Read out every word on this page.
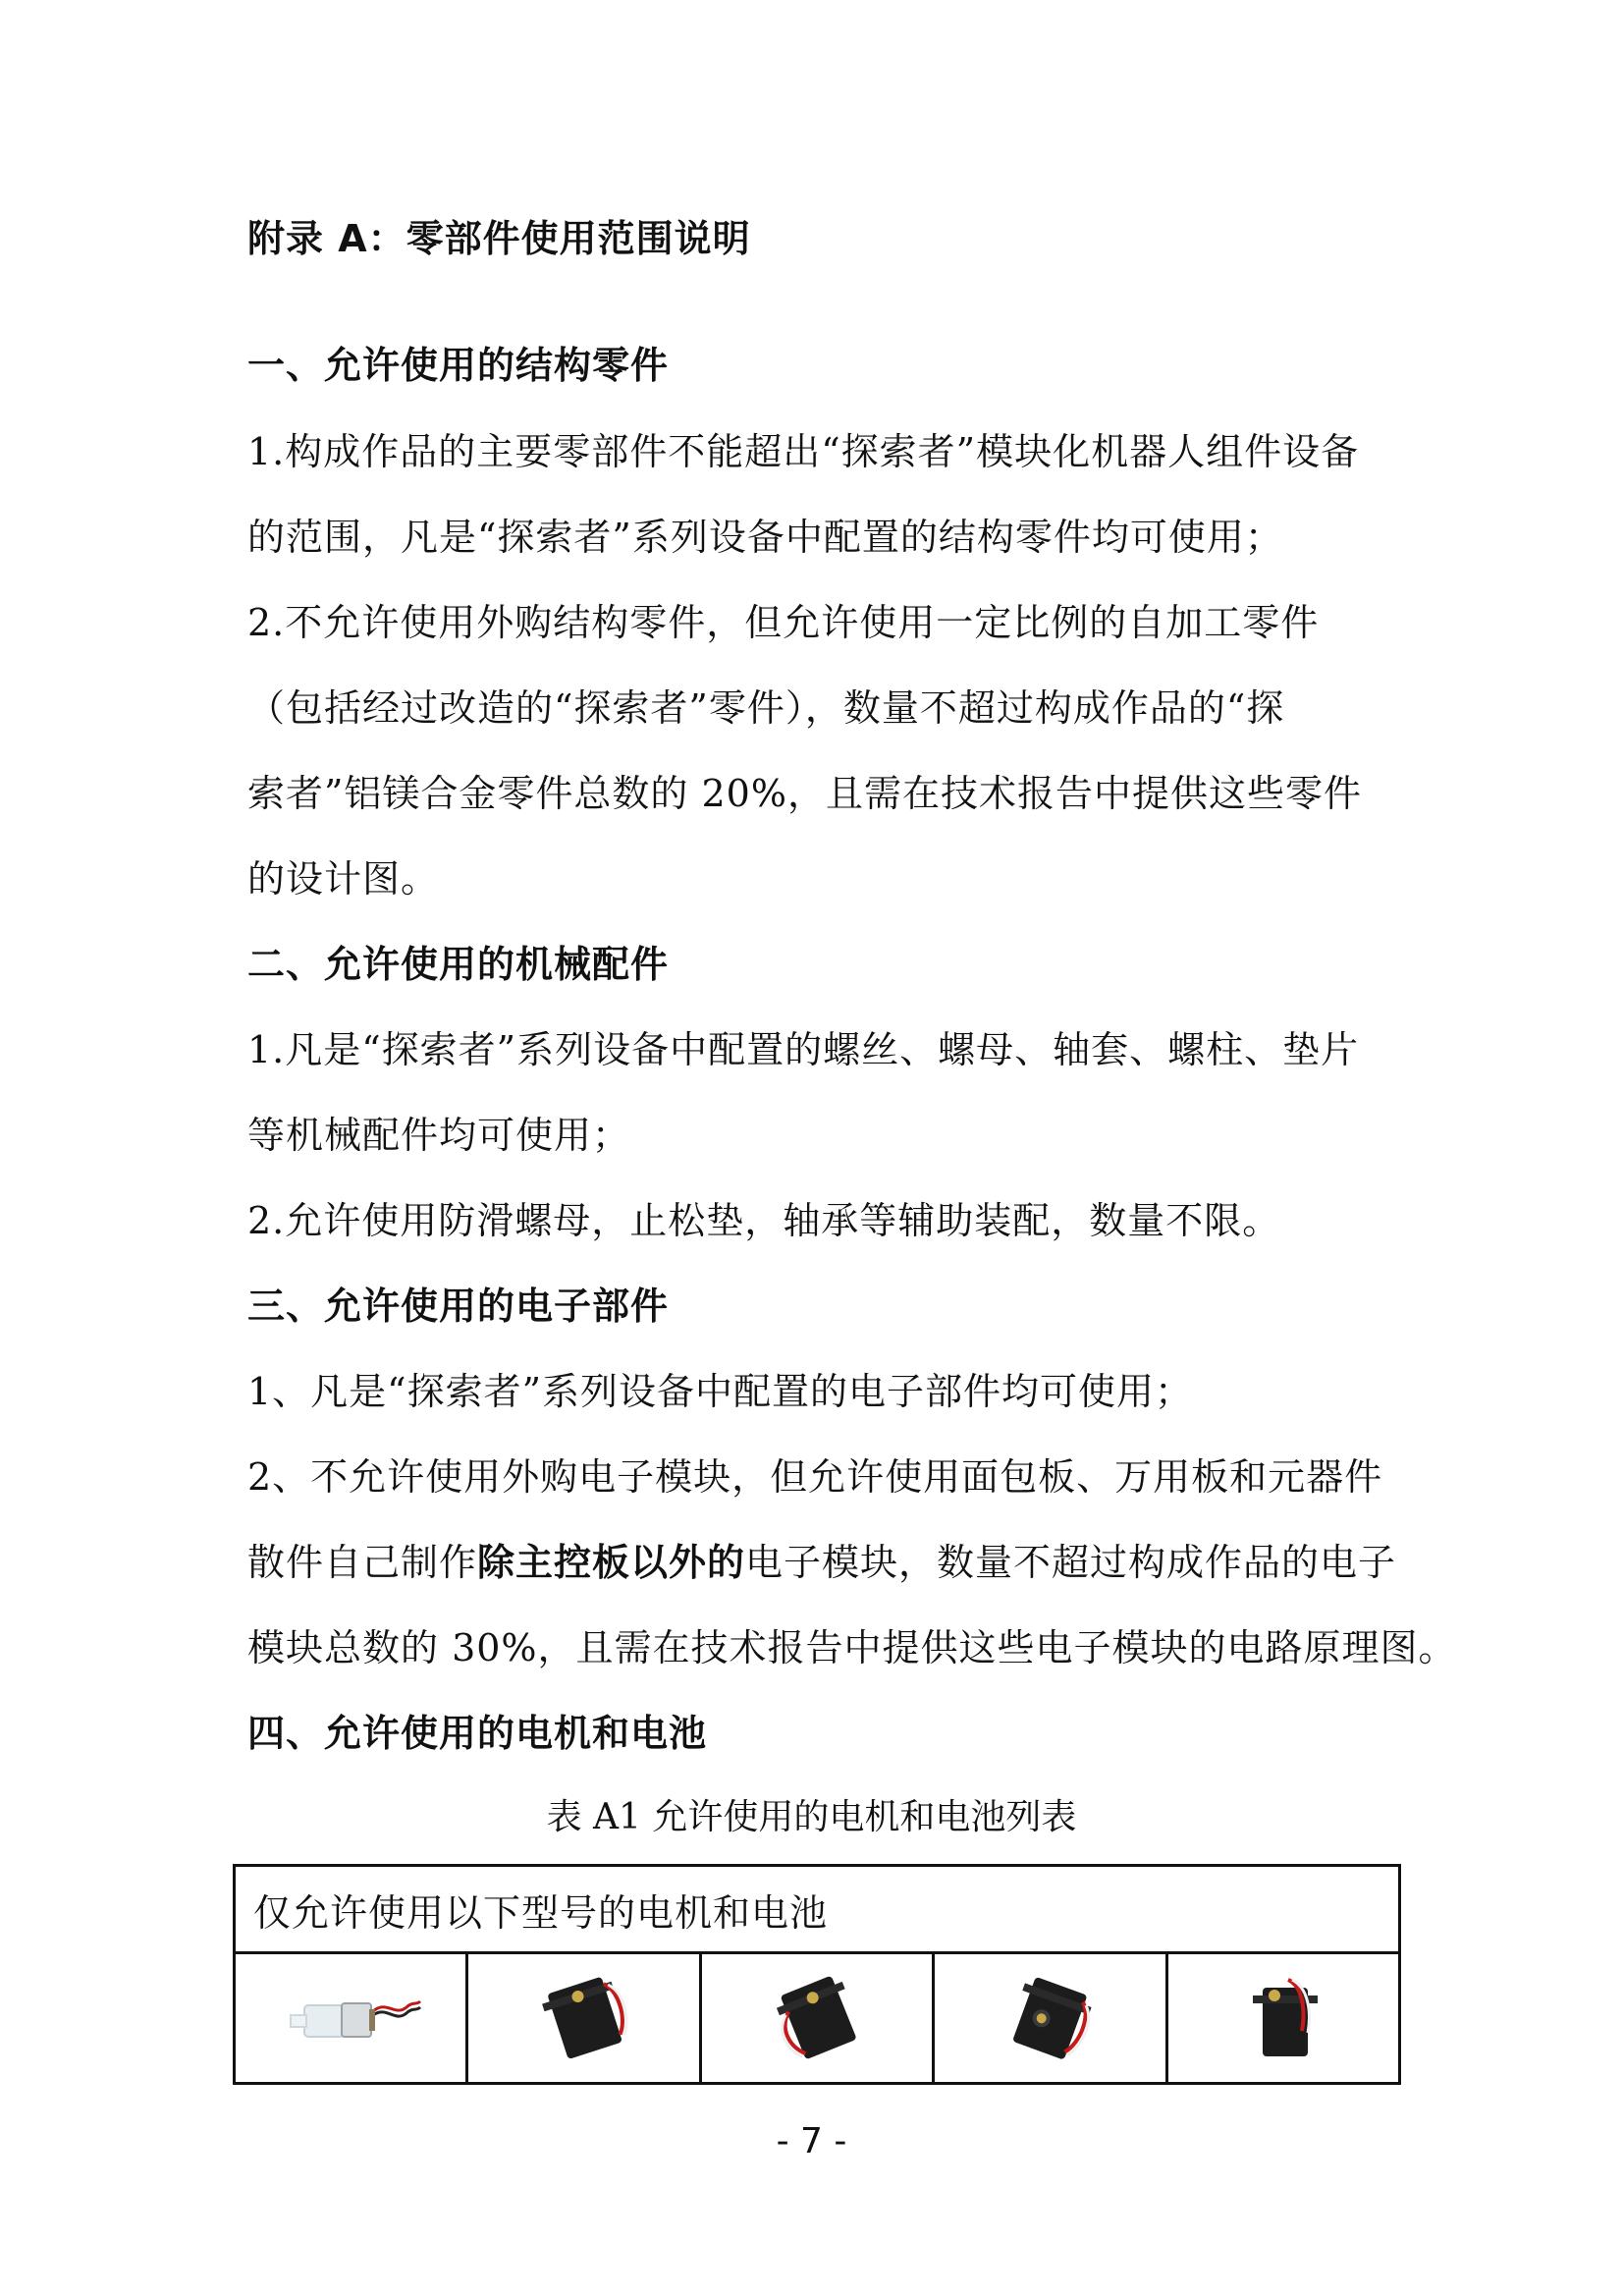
附录 A：零部件使用范围说明
一、允许使用的结构零件
1.构成作品的主要零部件不能超出“探索者”模块化机器人组件设备
的范围，凡是“探索者”系列设备中配置的结构零件均可使用；
2.不允许使用外购结构零件，但允许使用一定比例的自加工零件
（包括经过改造的“探索者”零件），数量不超过构成作品的“探
索者”铝镁合金零件总数的 20%，且需在技术报告中提供这些零件
的设计图。
二、允许使用的机械配件
1.凡是“探索者”系列设备中配置的螺丝、螺母、轴套、螺柱、垫片
等机械配件均可使用；
2.允许使用防滑螺母，止松垫，轴承等辅助装配，数量不限。
三、允许使用的电子部件
1、凡是“探索者”系列设备中配置的电子部件均可使用；
2、不允许使用外购电子模块，但允许使用面包板、万用板和元器件
散件自己制作除主控板以外的电子模块，数量不超过构成作品的电子
模块总数的 30%，且需在技术报告中提供这些电子模块的电路原理图。
四、允许使用的电机和电池
表 A1 允许使用的电机和电池列表
仅允许使用以下型号的电机和电池

- 7 -
